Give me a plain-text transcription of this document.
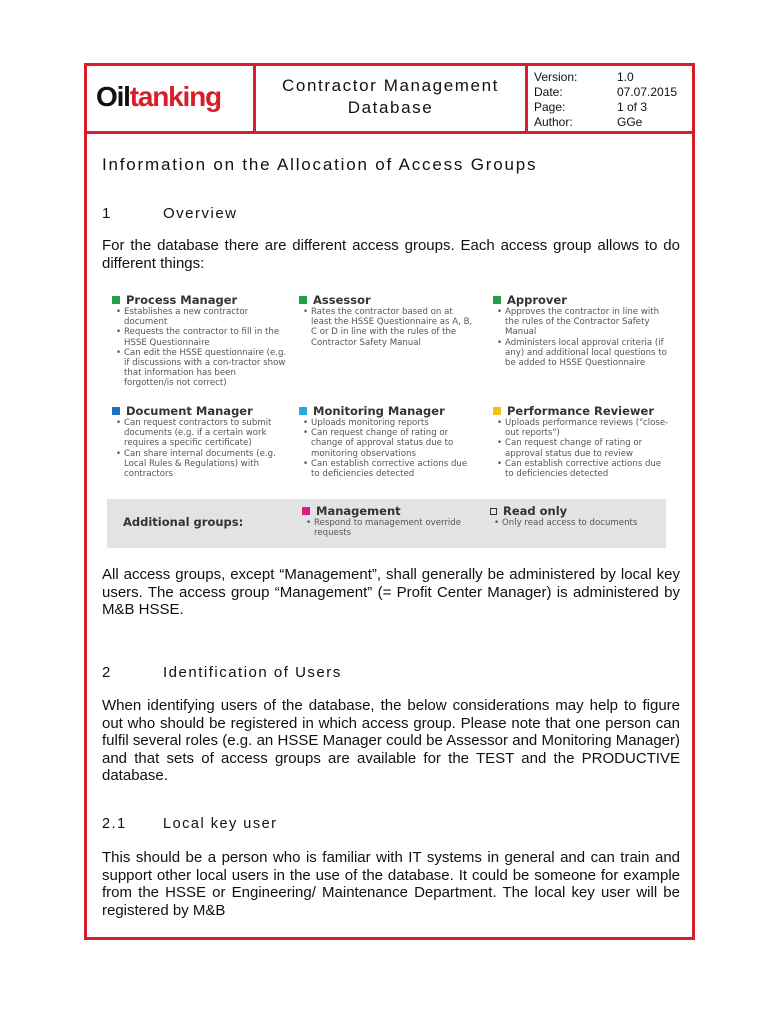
Oiltanking	Contractor Management
Database
Version:	1.0
Date:	07.07.2015
Page:	1 of 3
Author:	GGe
Information on the Allocation of Access Groups
1	Overview
For the database there are different access groups. Each access group allows to do different things:
Process Manager
• Establishes a new contractor document
• Requests the contractor to fill in the HSSE Questionnaire
• Can edit the HSSE questionnaire (e.g. if discussions with a con-tractor show that information has been forgotten/is not correct)
Assessor
• Rates the contractor based on at least the HSSE Questionnaire as A, B, C or D in line with the rules of the Contractor Safety Manual
Approver
• Approves the contractor in line with the rules of the Contractor Safety Manual
• Administers local approval criteria (if any) and additional local questions to be added to HSSE Questionnaire
Document Manager
• Can request contractors to submit documents (e.g. if a certain work requires a specific certificate)
• Can share internal documents (e.g. Local Rules & Regulations) with contractors
Monitoring Manager
• Uploads monitoring reports
• Can request change of rating or change of approval status due to monitoring observations
• Can establish corrective actions due to deficiencies detected
Performance Reviewer
• Uploads performance reviews ("close-out reports")
• Can request change of rating or approval status due to review
• Can establish corrective actions due to deficiencies detected
Additional groups:
Management
• Respond to management override requests
Read only
• Only read access to documents
All access groups, except “Management”, shall generally be administered by local key users. The access group “Management” (= Profit Center Manager) is administered by M&B HSSE.
2	Identification of Users
When identifying users of the database, the below considerations may help to figure out who should be registered in which access group. Please note that one person can fulfil several roles (e.g. an HSSE Manager could be Assessor and Monitoring Manager) and that sets of access groups are available for the TEST and the PRODUCTIVE database.
2.1	Local key user
This should be a person who is familiar with IT systems in general and can train and support other local users in the use of the database. It could be someone for example from the HSSE or Engineering/ Maintenance Department. The local key user will be registered by M&B
